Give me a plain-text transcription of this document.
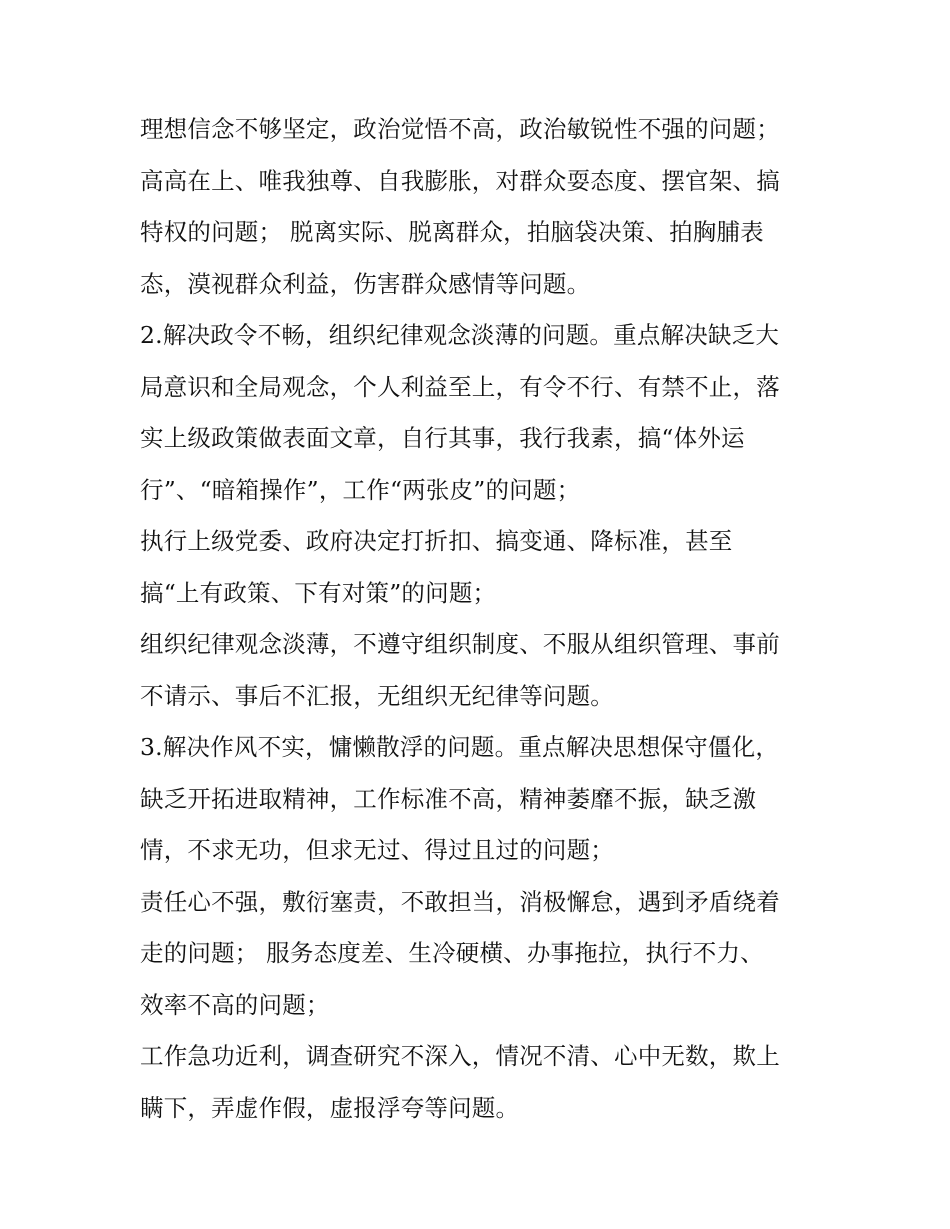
理想信念不够坚定，政治觉悟不高，政治敏锐性不强的问题；
高高在上、唯我独尊、自我膨胀，对群众耍态度、摆官架、搞
特权的问题； 脱离实际、脱离群众，拍脑袋决策、拍胸脯表
态，漠视群众利益，伤害群众感情等问题。
2.解决政令不畅，组织纪律观念淡薄的问题。重点解决缺乏大
局意识和全局观念，个人利益至上，有令不行、有禁不止，落
实上级政策做表面文章，自行其事，我行我素，搞“体外运
行”、“暗箱操作”，工作“两张皮”的问题；
执行上级党委、政府决定打折扣、搞变通、降标准，甚至
搞“上有政策、下有对策”的问题；
组织纪律观念淡薄，不遵守组织制度、不服从组织管理、事前
不请示、事后不汇报，无组织无纪律等问题。
3.解决作风不实，慵懒散浮的问题。重点解决思想保守僵化，
缺乏开拓进取精神，工作标准不高，精神萎靡不振，缺乏激
情，不求无功，但求无过、得过且过的问题；
责任心不强，敷衍塞责，不敢担当，消极懈怠，遇到矛盾绕着
走的问题； 服务态度差、生冷硬横、办事拖拉，执行不力、
效率不高的问题；
工作急功近利，调查研究不深入，情况不清、心中无数，欺上
瞒下，弄虚作假，虚报浮夸等问题。
